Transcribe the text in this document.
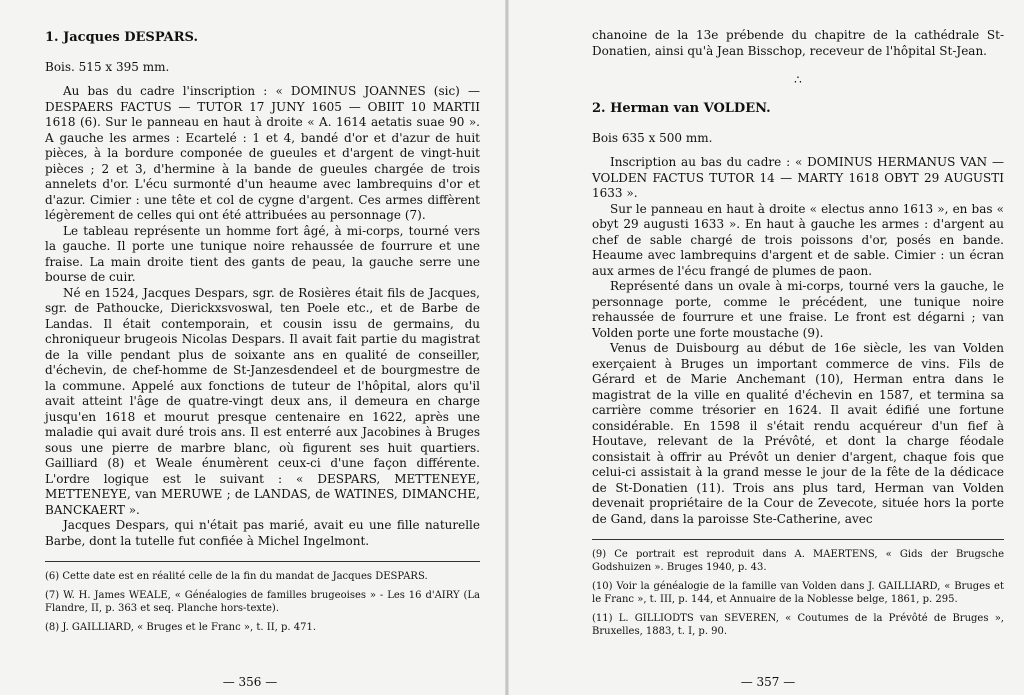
1. Jacques DESPARS.
Bois. 515 x 395 mm.

Au bas du cadre l'inscription : « DOMINUS JOANNES (sic) — DESPAERS FACTUS — TUTOR 17 JUNY 1605 — OBIIT 10 MARTII 1618 (6). Sur le panneau en haut à droite « A. 1614 aetatis suae 90 ». A gauche les armes : Ecartelé : 1 et 4, bandé d'or et d'azur de huit pièces, à la bordure componée de gueules et d'argent de vingt-huit pièces ; 2 et 3, d'hermine à la bande de gueules chargée de trois annelets d'or. L'écu surmonté d'un heaume avec lambrequins d'or et d'azur. Cimier : une tête et col de cygne d'argent. Ces armes diffèrent légèrement de celles qui ont été attribuées au personnage (7).

Le tableau représente un homme fort âgé, à mi-corps, tourné vers la gauche. Il porte une tunique noire rehaussée de fourrure et une fraise. La main droite tient des gants de peau, la gauche serre une bourse de cuir.

Né en 1524, Jacques Despars, sgr. de Rosières était fils de Jacques, sgr. de Pathoucke, Dierickxsvoswal, ten Poele etc., et de Barbe de Landas. Il était contemporain, et cousin issu de germains, du chroniqueur brugeois Nicolas Despars. Il avait fait partie du magistrat de la ville pendant plus de soixante ans en qualité de conseiller, d'échevin, de chef-homme de St-Janzesdendeel et de bourgmestre de la commune. Appelé aux fonctions de tuteur de l'hôpital, alors qu'il avait atteint l'âge de quatre-vingt deux ans, il demeura en charge jusqu'en 1618 et mourut presque centenaire en 1622, après une maladie qui avait duré trois ans. Il est enterré aux Jacobines à Bruges sous une pierre de marbre blanc, où figurent ses huit quartiers. Gailliard (8) et Weale énumèrent ceux-ci d'une façon différente. L'ordre logique est le suivant : « DESPARS, METTENEYE, METTENEYE, van MERUWE ; de LANDAS, de WATINES, DIMANCHE, BANCKAERT ».

Jacques Despars, qui n'était pas marié, avait eu une fille naturelle Barbe, dont la tutelle fut confiée à Michel Ingelmont.

(6) Cette date est en réalité celle de la fin du mandat de Jacques DESPARS.

(7) W. H. James WEALE, « Généalogies de familles brugeoises » - Les 16 d'AIRY (La Flandre, II, p. 363 et seq. Planche hors-texte).

(8) J. GAILLIARD, « Bruges et le Franc », t. II, p. 471.

— 356 —

chanoine de la 13e prébende du chapitre de la cathédrale St-Donatien, ainsi qu'à Jean Bisschop, receveur de l'hôpital St-Jean.

∴
2. Herman van VOLDEN.
Bois 635 x 500 mm.

Inscription au bas du cadre : « DOMINUS HERMANUS VAN — VOLDEN FACTUS TUTOR 14 — MARTY 1618 OBYT 29 AUGUSTI 1633 ».

Sur le panneau en haut à droite « electus anno 1613 », en bas « obyt 29 augusti 1633 ». En haut à gauche les armes : d'argent au chef de sable chargé de trois poissons d'or, posés en bande. Heaume avec lambrequins d'argent et de sable. Cimier : un écran aux armes de l'écu frangé de plumes de paon.

Représenté dans un ovale à mi-corps, tourné vers la gauche, le personnage porte, comme le précédent, une tunique noire rehaussée de fourrure et une fraise. Le front est dégarni ; van Volden porte une forte moustache (9).

Venus de Duisbourg au début de 16e siècle, les van Volden exerçaient à Bruges un important commerce de vins. Fils de Gérard et de Marie Anchemant (10), Herman entra dans le magistrat de la ville en qualité d'échevin en 1587, et termina sa carrière comme trésorier en 1624. Il avait édifié une fortune considérable. En 1598 il s'était rendu acquéreur d'un fief à Houtave, relevant de la Prévôté, et dont la charge féodale consistait à offrir au Prévôt un denier d'argent, chaque fois que celui-ci assistait à la grand messe le jour de la fête de la dédicace de St-Donatien (11). Trois ans plus tard, Herman van Volden devenait propriétaire de la Cour de Zevecote, située hors la porte de Gand, dans la paroisse Ste-Catherine, avec

(9) Ce portrait est reproduit dans A. MAERTENS, « Gids der Brugsche Godshuizen ». Bruges 1940, p. 43.

(10) Voir la généalogie de la famille van Volden dans J. GAILLIARD, « Bruges et le Franc », t. III, p. 144, et Annuaire de la Noblesse belge, 1861, p. 295.

(11) L. GILLIODTS van SEVEREN, « Coutumes de la Prévôté de Bruges », Bruxelles, 1883, t. I, p. 90.

— 357 —
